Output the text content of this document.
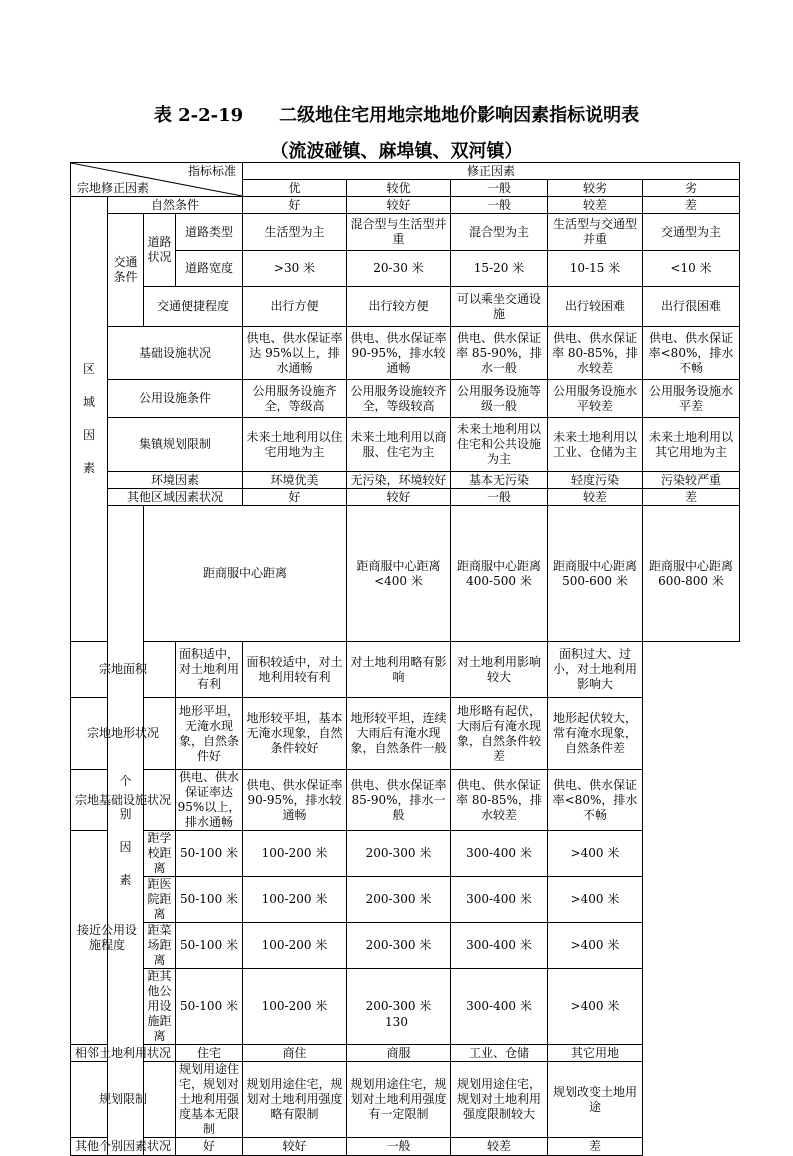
表 2-2-19　　二级地住宅用地宗地地价影响因素指标说明表
（流波碰镇、麻埠镇、双河镇）
指标标准
宗地修正因素				修正因素					
				优	较优	一般	较劣	劣	

区
域
因
素	自然条件			好	较好	一般	较差	差	
	交通条件	道路状况	道路类型	生活型为主	混合型与生活型并重	混合型为主	生活型与交通型并重	交通型为主	
			道路宽度	>30 米	20-30 米	15-20 米	10-15 米	<10 米	
		交通便捷程度		出行方便	出行较方便	可以乘坐交通设施	出行较困难	出行很困难	
	基础设施状况			供电、供水保证率达 95%以上，排水通畅	供电、供水保证率 90-95%，排水较通畅	供电、供水保证率 85-90%，排水一般	供电、供水保证率 80-85%，排水较差	供电、供水保证率<80%，排水不畅	
	公用设施条件			公用服务设施齐全，等级高	公用服务设施较齐全，等级较高	公用服务设施等级一般	公用服务设施水平较差	公用服务设施水平差	
	集镇规划限制			未来土地利用以住宅用地为主	未来土地利用以商服、住宅为主	未来土地利用以住宅和公共设施为主	未来土地利用以工业、仓储为主	未来土地利用以其它用地为主	
	环境因素			环境优美	无污染，环境较好	基本无污染	轻度污染	污染较严重	
	其他区域因素状况			好	较好	一般	较差	差	

	个
别
因
素	距商服中心距离			距商服中心距离<400 米	距商服中心距离 400-500 米	距商服中心距离 500-600 米	距商服中心距离 600-800 米	
宗地面积			面积适中，对土地利用有利	面积较适中，对土地利用较有利	对土地利用略有影响	对土地利用影响较大	面积过大、过小，对土地利用影响大		
宗地地形状况			地形平坦，无淹水现象，自然条件好	地形较平坦，基本无淹水现象，自然条件较好	地形较平坦，连续大雨后有淹水现象，自然条件一般	地形略有起伏，大雨后有淹水现象，自然条件较差	地形起伏较大，常有淹水现象，自然条件差		
宗地基础设施状况			供电、供水保证率达 95%以上，排水通畅	供电、供水保证率 90-95%，排水较通畅	供电、供水保证率 85-90%，排水一般	供电、供水保证率 80-85%，排水较差	供电、供水保证率<80%，排水不畅		
接近公用设施程度		距学校距离	50-100 米	100-200 米	200-300 米	300-400 米	>400 米		
		距医院距离	50-100 米	100-200 米	200-300 米	300-400 米	>400 米		
		距菜场距离	50-100 米	100-200 米	200-300 米	300-400 米	>400 米		
		距其他公用设施距离	50-100 米	100-200 米	200-300 米	300-400 米	>400 米		
相邻土地利用状况			住宅	商住	商服	工业、仓储	其它用地		
规划限制			规划用途住宅，规划对土地利用强度基本无限制	规划用途住宅，规划对土地利用强度略有限制	规划用途住宅，规划对土地利用强度有一定限制	规划用途住宅，规划对土地利用强度限制较大	规划改变土地用途		
其他个别因素状况			好	较好	一般	较差	差		
130
